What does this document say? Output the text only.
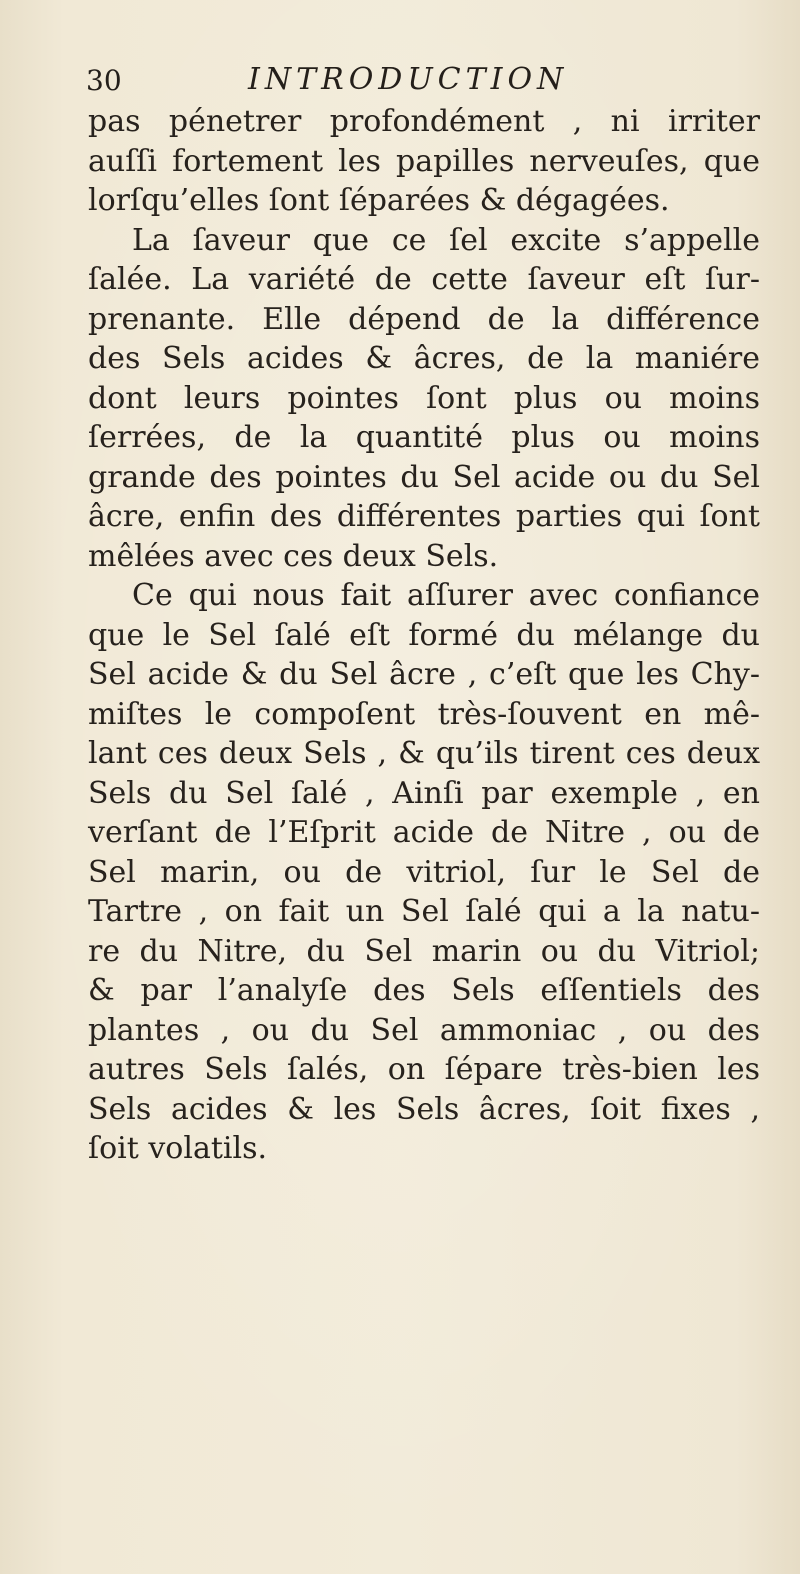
30	INTRODUCTION
pas pénetrer profondément , ni irriter
auſſi fortement les papilles nerveuſes, que
lorſqu’elles ſont ſéparées & dégagées.
La ſaveur que ce ſel excite s’appelle
ſalée. La variété de cette ſaveur eſt ſur-
prenante. Elle dépend de la différence
des Sels acides & âcres, de la maniére
dont leurs pointes ſont plus ou moins
ſerrées, de la quantité plus ou moins
grande des pointes du Sel acide ou du Sel
âcre, enfin des différentes parties qui ſont
mêlées avec ces deux Sels.
Ce qui nous fait aſſurer avec confiance
que le Sel ſalé eſt formé du mélange du
Sel acide & du Sel âcre , c’eſt que les Chy-
miſtes le compoſent très-ſouvent en mê-
lant ces deux Sels , & qu’ils tirent ces deux
Sels du Sel ſalé , Ainſi par exemple , en
verſant de l’Eſprit acide de Nitre , ou de
Sel marin, ou de vitriol, ſur le Sel de
Tartre , on fait un Sel ſalé qui a la natu-
re du Nitre, du Sel marin ou du Vitriol;
& par l’analyſe des Sels eſſentiels des
plantes , ou du Sel ammoniac , ou des
autres Sels ſalés, on ſépare très-bien les
Sels acides & les Sels âcres, ſoit fixes ,
ſoit volatils.
